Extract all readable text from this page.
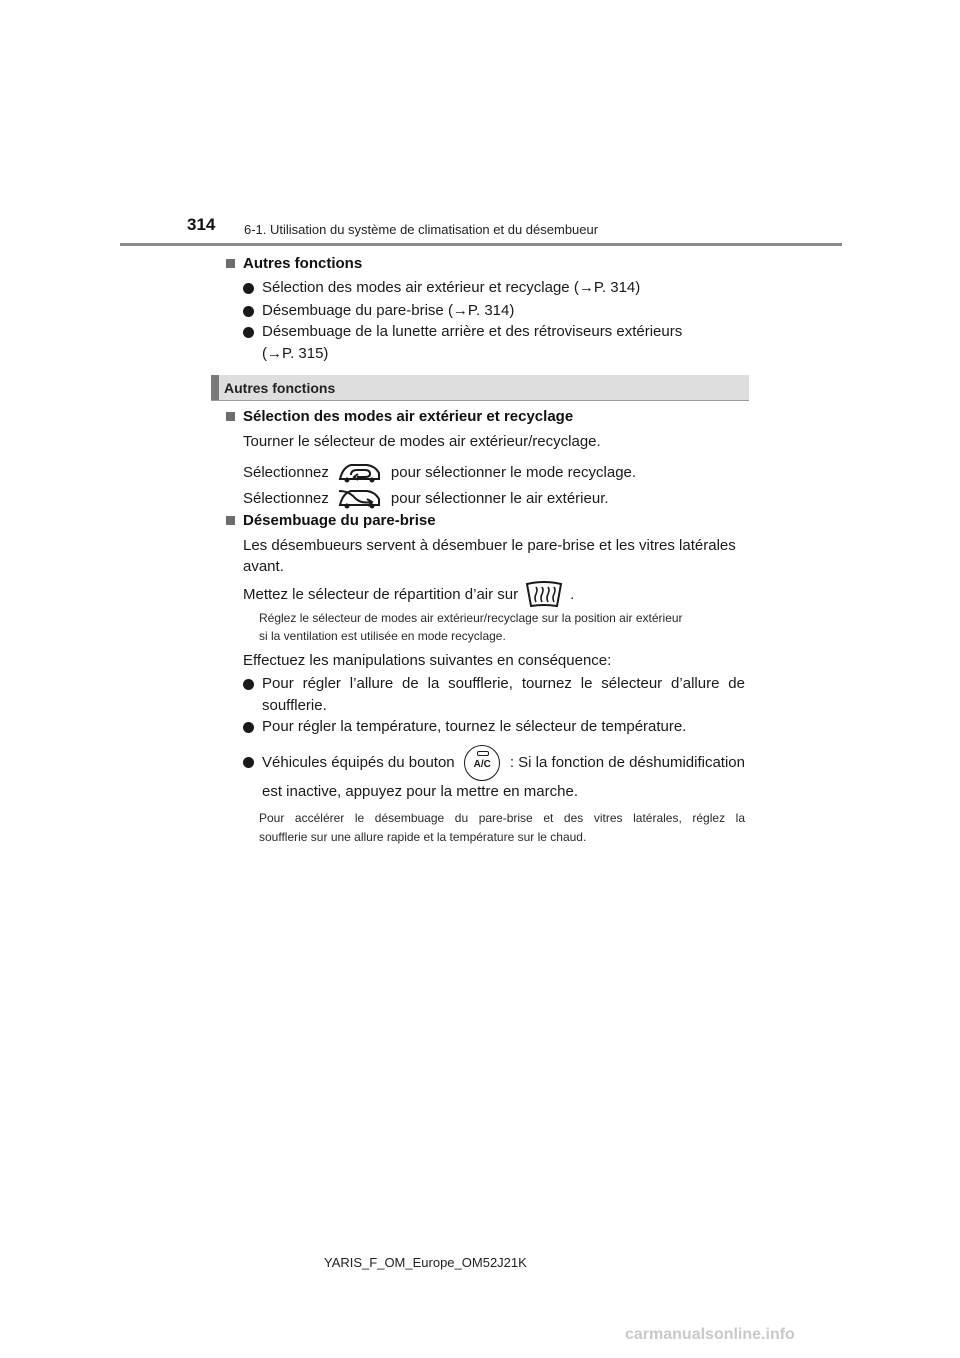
314 6-1. Utilisation du système de climatisation et du désembueur
Autres fonctions
Sélection des modes air extérieur et recyclage (→P. 314)
Désembuage du pare-brise (→P. 314)
Désembuage de la lunette arrière et des rétroviseurs extérieurs
(→P. 315)
Autres fonctions
Sélection des modes air extérieur et recyclage
Tourner le sélecteur de modes air extérieur/recyclage.
Sélectionnez	pour sélectionner le mode recyclage.
Sélectionnez	pour sélectionner le air extérieur.
Désembuage du pare-brise
Les désembueurs servent à désembuer le pare-brise et les vitres latérales
avant.
Mettez le sélecteur de répartition d’air sur	.
Réglez le sélecteur de modes air extérieur/recyclage sur la position air extérieur
si la ventilation est utilisée en mode recyclage.
Effectuez les manipulations suivantes en conséquence:
Pour régler l’allure de la soufflerie, tournez le sélecteur d’allure de
soufflerie.
Pour régler la température, tournez le sélecteur de température.
Véhicules équipés du bouton	A/C	: Si la fonction de déshumidification
est inactive, appuyez pour la mettre en marche.
Pour accélérer le désembuage du pare-brise et des vitres latérales, réglez la
soufflerie sur une allure rapide et la température sur le chaud.
YARIS_F_OM_Europe_OM52J21K
carmanualsonline.info
